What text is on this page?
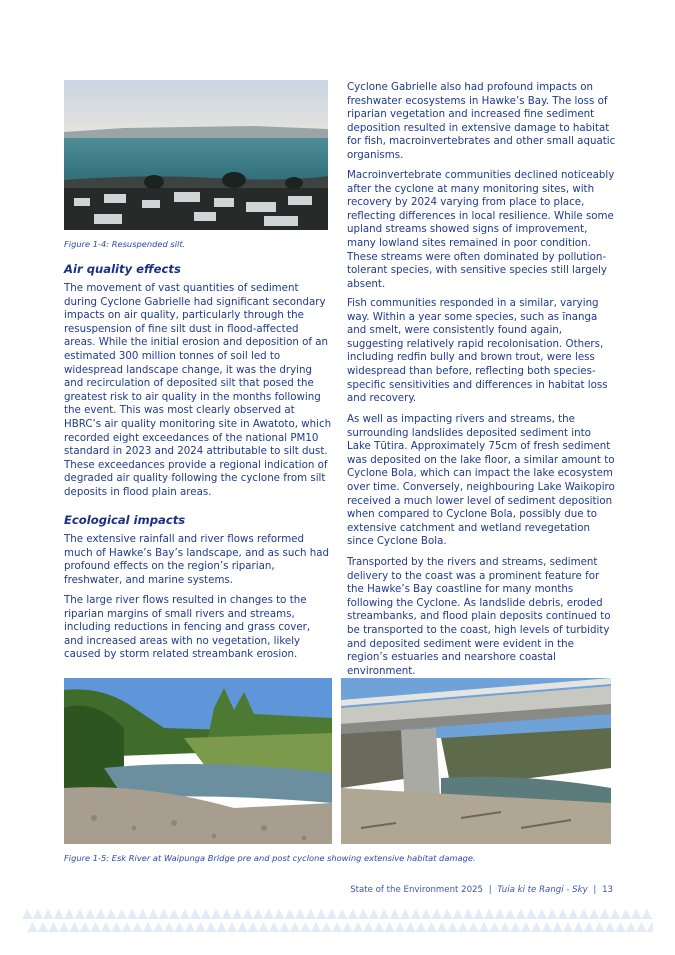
Figure 1-4: Resuspended silt.
Air quality effects

The movement of vast quantities of sediment during Cyclone Gabrielle had significant secondary impacts on air quality, particularly through the resuspension of fine silt dust in flood-affected areas. While the initial erosion and deposition of an estimated 300 million tonnes of soil led to widespread landscape change, it was the drying and recirculation of deposited silt that posed the greatest risk to air quality in the months following the event. This was most clearly observed at HBRC’s air quality monitoring site in Awatoto, which recorded eight exceedances of the national PM10 standard in 2023 and 2024 attributable to silt dust. These exceedances provide a regional indication of degraded air quality following the cyclone from silt deposits in flood plain areas.

Ecological impacts

The extensive rainfall and river flows reformed much of Hawke’s Bay’s landscape, and as such had profound effects on the region’s riparian, freshwater, and marine systems.

The large river flows resulted in changes to the riparian margins of small rivers and streams, including reductions in fencing and grass cover, and increased areas with no vegetation, likely caused by storm related streambank erosion.

Cyclone Gabrielle also had profound impacts on freshwater ecosystems in Hawke’s Bay. The loss of riparian vegetation and increased fine sediment deposition resulted in extensive damage to habitat for fish, macroinvertebrates and other small aquatic organisms.

Macroinvertebrate communities declined noticeably after the cyclone at many monitoring sites, with recovery by 2024 varying from place to place, reflecting differences in local resilience. While some upland streams showed signs of improvement, many lowland sites remained in poor condition. These streams were often dominated by pollution-tolerant species, with sensitive species still largely absent.

Fish communities responded in a similar, varying way. Within a year some species, such as īnanga and smelt, were consistently found again, suggesting relatively rapid recolonisation. Others, including redfin bully and brown trout, were less widespread than before, reflecting both species-specific sensitivities and differences in habitat loss and recovery.

As well as impacting rivers and streams, the surrounding landslides deposited sediment into Lake Tūtira. Approximately 75cm of fresh sediment was deposited on the lake floor, a similar amount to Cyclone Bola, which can impact the lake ecosystem over time. Conversely, neighbouring Lake Waikopiro received a much lower level of sediment deposition when compared to Cyclone Bola, possibly due to extensive catchment and wetland revegetation since Cyclone Bola.

Transported by the rivers and streams, sediment delivery to the coast was a prominent feature for the Hawke’s Bay coastline for many months following the Cyclone. As landslide debris, eroded streambanks, and flood plain deposits continued to be transported to the coast, high levels of turbidity and deposited sediment were evident in the region’s estuaries and nearshore coastal environment.

Figure 1-5: Esk River at Waipunga Bridge pre and post cyclone showing extensive habitat damage.
State of the Environment 2025 | Tuia ki te Rangi - Sky | 13
